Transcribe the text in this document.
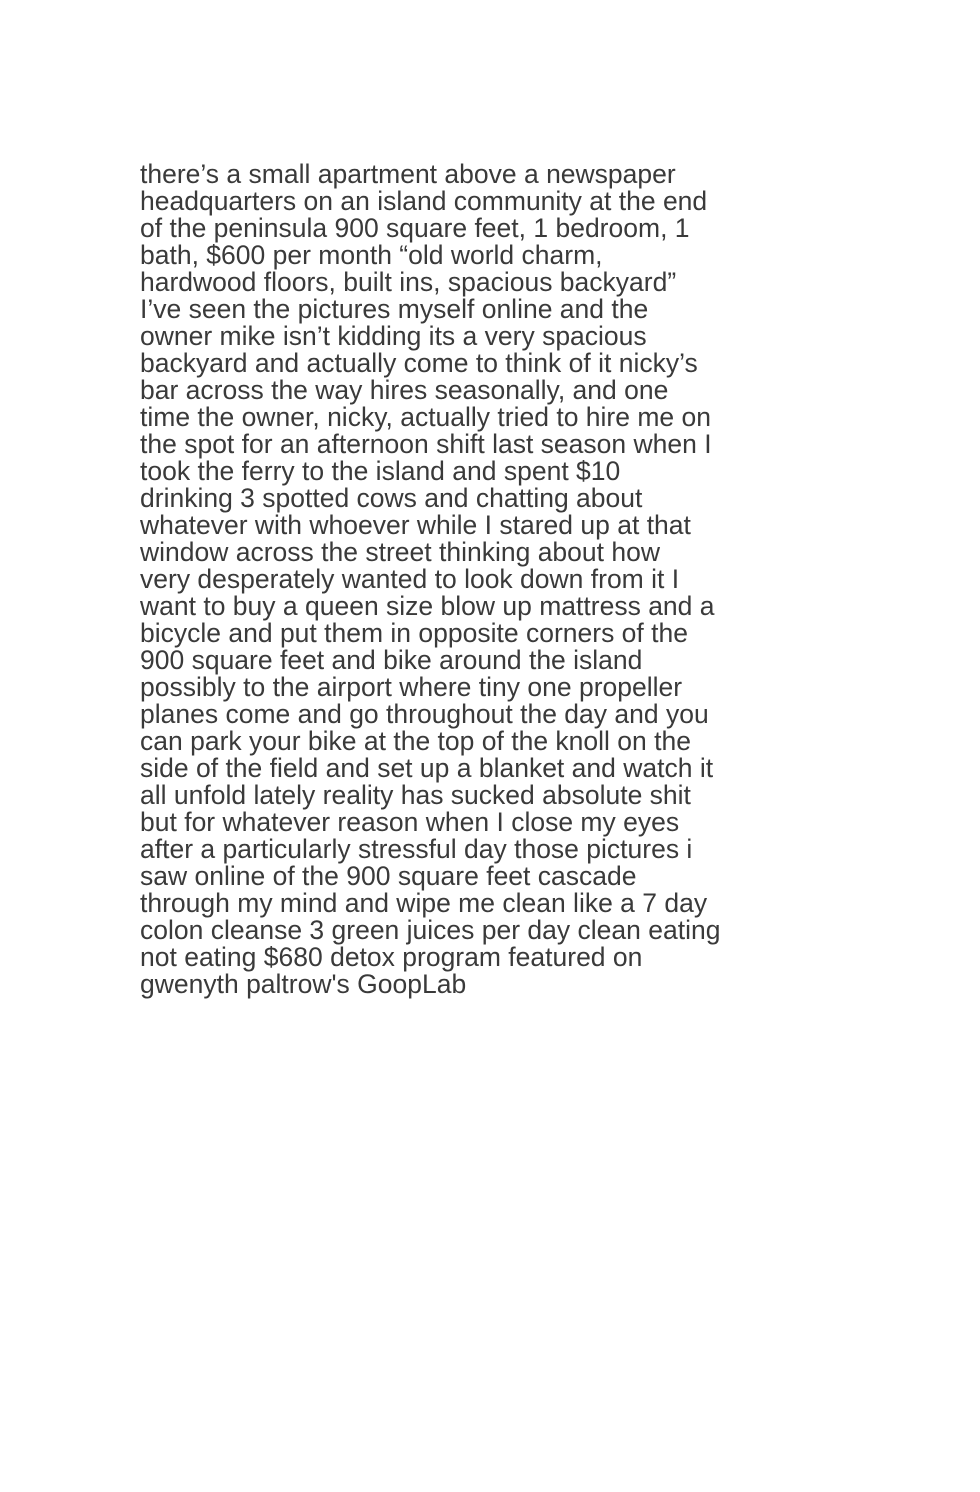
there’s a small apartment above a newspaper
headquarters on an island community at the end
of the peninsula 900 square feet, 1 bedroom, 1
bath, $600 per month “old world charm,
hardwood floors, built ins, spacious backyard”
I’ve seen the pictures myself online and the
owner mike isn’t kidding its a very spacious
backyard and actually come to think of it nicky’s
bar across the way hires seasonally, and one
time the owner, nicky, actually tried to hire me on
the spot for an afternoon shift last season when I
took the ferry to the island and spent $10
drinking 3 spotted cows and chatting about
whatever with whoever while I stared up at that
window across the street thinking about how
very desperately wanted to look down from it I
want to buy a queen size blow up mattress and a
bicycle and put them in opposite corners of the
900 square feet and bike around the island
possibly to the airport where tiny one propeller
planes come and go throughout the day and you
can park your bike at the top of the knoll on the
side of the field and set up a blanket and watch it
all unfold lately reality has sucked absolute shit
but for whatever reason when I close my eyes
after a particularly stressful day those pictures i
saw online of the 900 square feet cascade
through my mind and wipe me clean like a 7 day
colon cleanse 3 green juices per day clean eating
not eating $680 detox program featured on
gwenyth paltrow's GoopLab
